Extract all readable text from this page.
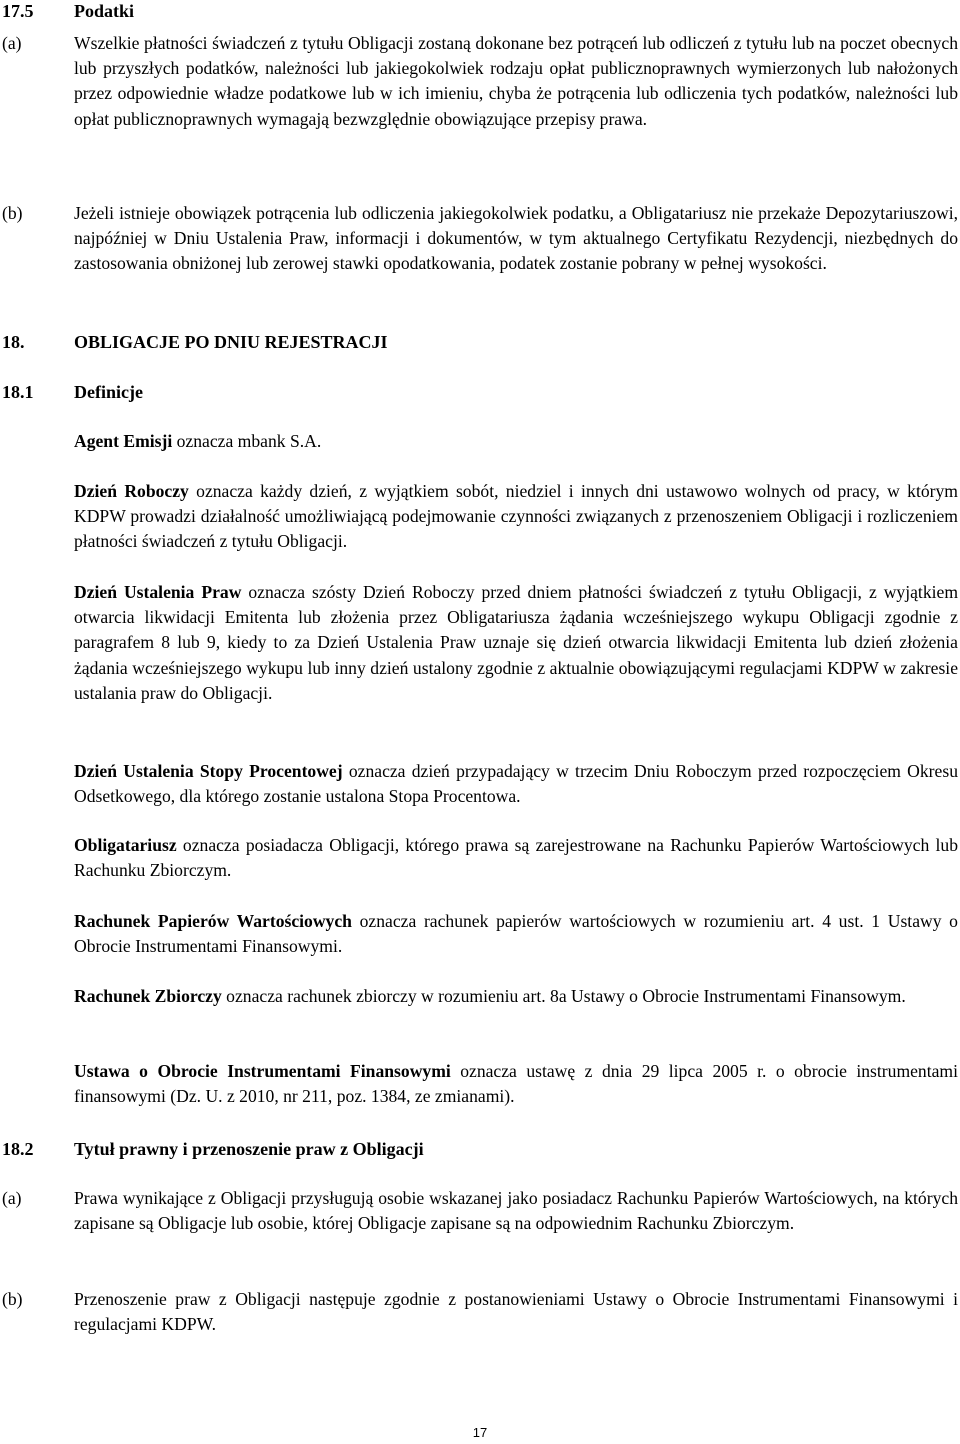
17.5 Podatki
(a)	Wszelkie płatności świadczeń z tytułu Obligacji zostaną dokonane bez potrąceń lub odliczeń z tytułu lub na poczet obecnych lub przyszłych podatków, należności lub jakiegokolwiek rodzaju opłat publicznoprawnych wymierzonych lub nałożonych przez odpowiednie władze podatkowe lub w ich imieniu, chyba że potrącenia lub odliczenia tych podatków, należności lub opłat publicznoprawnych wymagają bezwzględnie obowiązujące przepisy prawa.
(b)	Jeżeli istnieje obowiązek potrącenia lub odliczenia jakiegokolwiek podatku, a Obligatariusz nie przekaże Depozytariuszowi, najpóźniej w Dniu Ustalenia Praw, informacji i dokumentów, w tym aktualnego Certyfikatu Rezydencji, niezbędnych do zastosowania obniżonej lub zerowej stawki opodatkowania, podatek zostanie pobrany w pełnej wysokości.
18.	OBLIGACJE PO DNIU REJESTRACJI
18.1 Definicje
Agent Emisji oznacza mbank S.A.
Dzień Roboczy oznacza każdy dzień, z wyjątkiem sobót, niedziel i innych dni ustawowo wolnych od pracy, w którym KDPW prowadzi działalność umożliwiającą podejmowanie czynności związanych z przenoszeniem Obligacji i rozliczeniem płatności świadczeń z tytułu Obligacji.
Dzień Ustalenia Praw oznacza szósty Dzień Roboczy przed dniem płatności świadczeń z tytułu Obligacji, z wyjątkiem otwarcia likwidacji Emitenta lub złożenia przez Obligatariusza żądania wcześniejszego wykupu Obligacji zgodnie z paragrafem 8 lub 9, kiedy to za Dzień Ustalenia Praw uznaje się dzień otwarcia likwidacji Emitenta lub dzień złożenia żądania wcześniejszego wykupu lub inny dzień ustalony zgodnie z aktualnie obowiązującymi regulacjami KDPW w zakresie ustalania praw do Obligacji.
Dzień Ustalenia Stopy Procentowej oznacza dzień przypadający w trzecim Dniu Roboczym przed rozpoczęciem Okresu Odsetkowego, dla którego zostanie ustalona Stopa Procentowa.
Obligatariusz oznacza posiadacza Obligacji, którego prawa są zarejestrowane na Rachunku Papierów Wartościowych lub Rachunku Zbiorczym.
Rachunek Papierów Wartościowych oznacza rachunek papierów wartościowych w rozumieniu art. 4 ust. 1 Ustawy o Obrocie Instrumentami Finansowymi.
Rachunek Zbiorczy oznacza rachunek zbiorczy w rozumieniu art. 8a Ustawy o Obrocie Instrumentami Finansowym.
Ustawa o Obrocie Instrumentami Finansowymi oznacza ustawę z dnia 29 lipca 2005 r. o obrocie instrumentami finansowymi (Dz. U. z 2010, nr 211, poz. 1384, ze zmianami).
18.2 Tytuł prawny i przenoszenie praw z Obligacji
(a)	Prawa wynikające z Obligacji przysługują osobie wskazanej jako posiadacz Rachunku Papierów Wartościowych, na których zapisane są Obligacje lub osobie, której Obligacje zapisane są na odpowiednim Rachunku Zbiorczym.
(b)	Przenoszenie praw z Obligacji następuje zgodnie z postanowieniami Ustawy o Obrocie Instrumentami Finansowymi i regulacjami KDPW.
17
